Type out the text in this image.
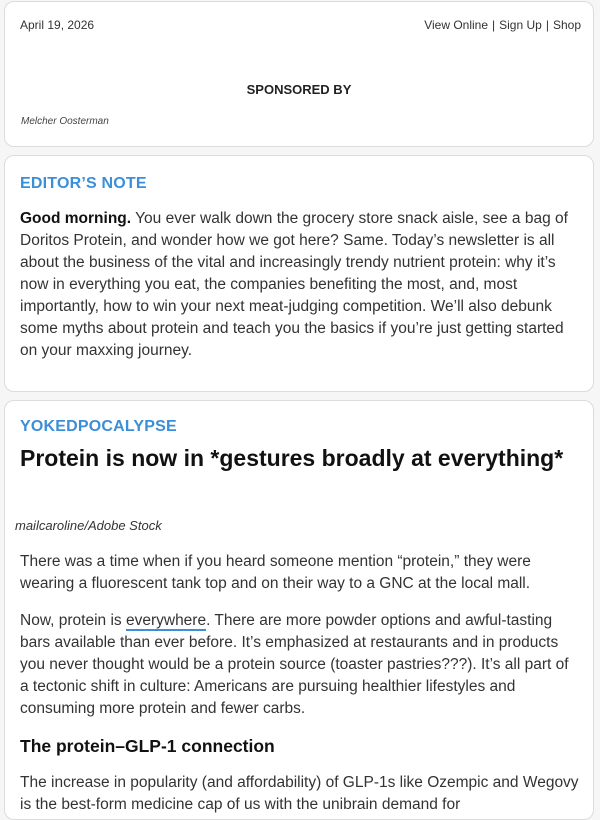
April 19, 2026	View Online | Sign Up | Shop
SPONSORED BY
Melcher Oosterman
EDITOR’S NOTE
Good morning. You ever walk down the grocery store snack aisle, see a bag of Doritos Protein, and wonder how we got here? Same. Today’s newsletter is all about the business of the vital and increasingly trendy nutrient protein: why it’s now in everything you eat, the companies benefiting the most, and, most importantly, how to win your next meat-judging competition. We’ll also debunk some myths about protein and teach you the basics if you’re just getting started on your maxxing journey.
YOKEDPOCALYPSE
Protein is now in *gestures broadly at everything*
mailcaroline/Adobe Stock

There was a time when if you heard someone mention “protein,” they were wearing a fluorescent tank top and on their way to a GNC at the local mall.

Now, protein is everywhere. There are more powder options and awful-tasting bars available than ever before. It’s emphasized at restaurants and in products you never thought would be a protein source (toaster pastries???). It’s all part of a tectonic shift in culture: Americans are pursuing healthier lifestyles and consuming more protein and fewer carbs.

The protein–GLP-1 connection

The increase in popularity (and affordability) of GLP-1s like Ozempic and Wegovy is the best-form medicine cap of us with the unibrain demand for
